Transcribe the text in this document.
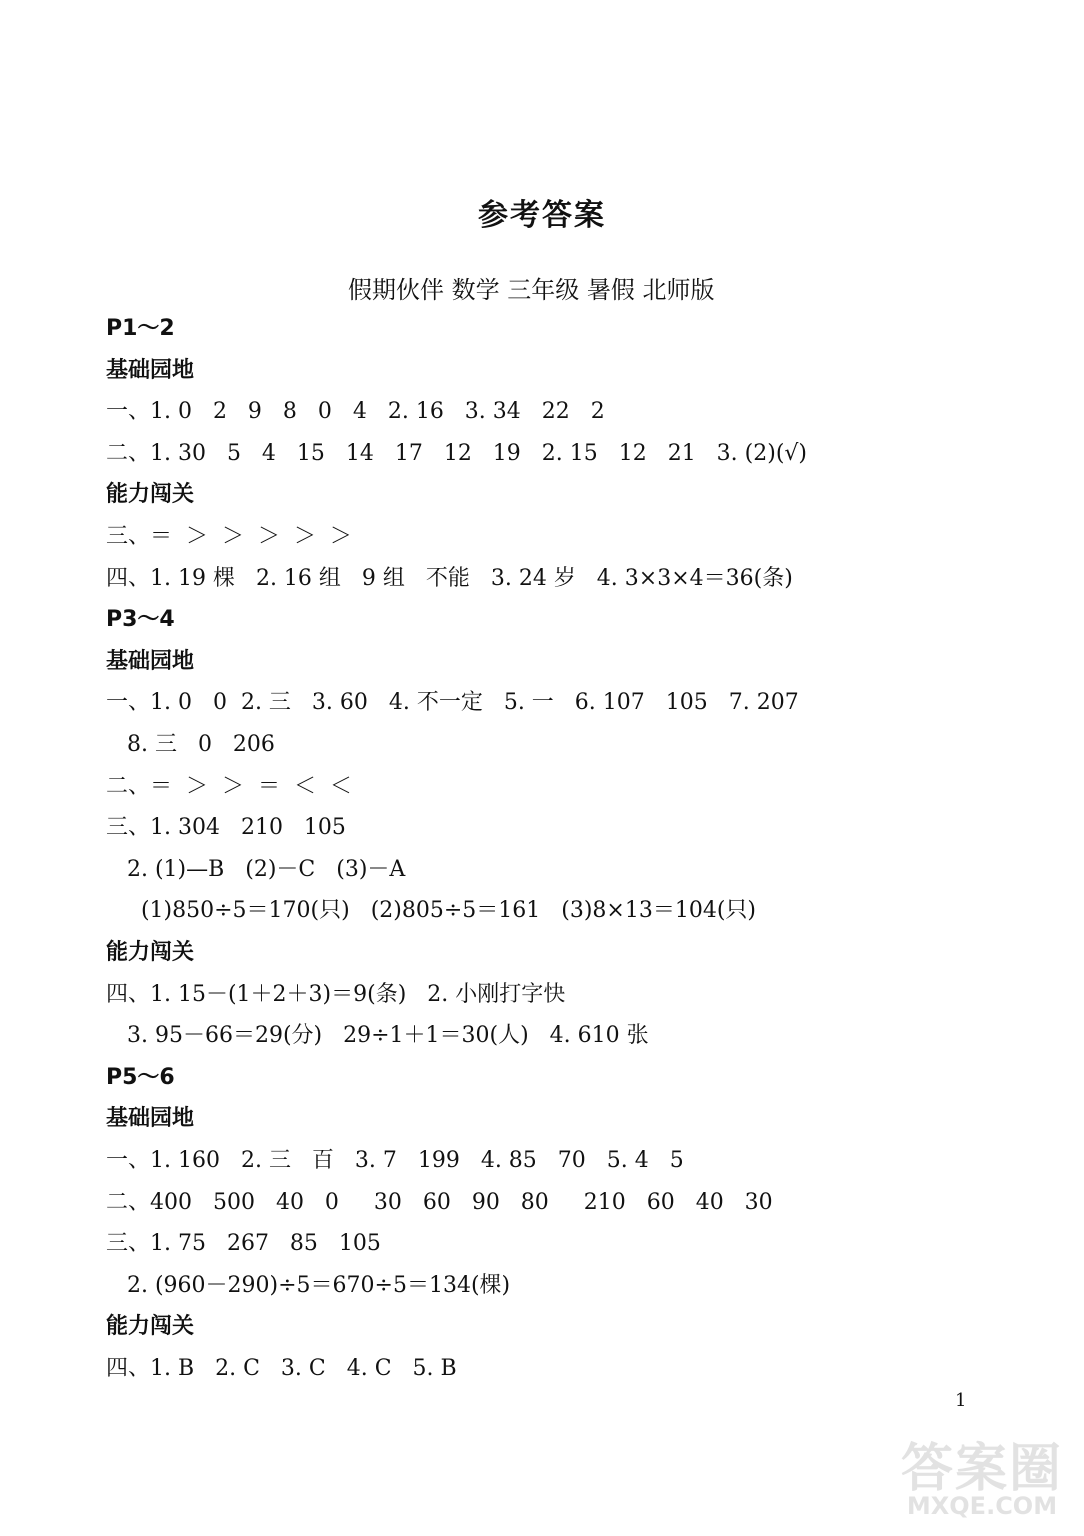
参考答案
假期伙伴 数学 三年级 暑假 北师版
P1～2
基础园地
一、1. 0   2   9   8   0   4   2. 16   3. 34   22   2
二、1. 30   5   4   15   14   17   12   19   2. 15   12   21   3. (2)(√)
能力闯关
三、＝  ＞  ＞  ＞  ＞  ＞
四、1. 19 棵   2. 16 组   9 组   不能   3. 24 岁   4. 3×3×4＝36(条)
P3～4
基础园地
一、1. 0   0  2. 三   3. 60   4. 不一定   5. 一   6. 107   105   7. 207
8. 三   0   206
二、＝  ＞  ＞  ＝  ＜  ＜
三、1. 304   210   105
2. (1)—B   (2)－C   (3)－A
(1)850÷5＝170(只)   (2)805÷5＝161   (3)8×13＝104(只)
能力闯关
四、1. 15－(1＋2＋3)＝9(条)   2. 小刚打字快
3. 95－66＝29(分)   29÷1＋1＝30(人)   4. 610 张
P5～6
基础园地
一、1. 160   2. 三   百   3. 7   199   4. 85   70   5. 4   5
二、400   500   40   0     30   60   90   80     210   60   40   30
三、1. 75   267   85   105
2. (960－290)÷5＝670÷5＝134(棵)
能力闯关
四、1. B   2. C   3. C   4. C   5. B
1
答案圈
MXQE.COM
